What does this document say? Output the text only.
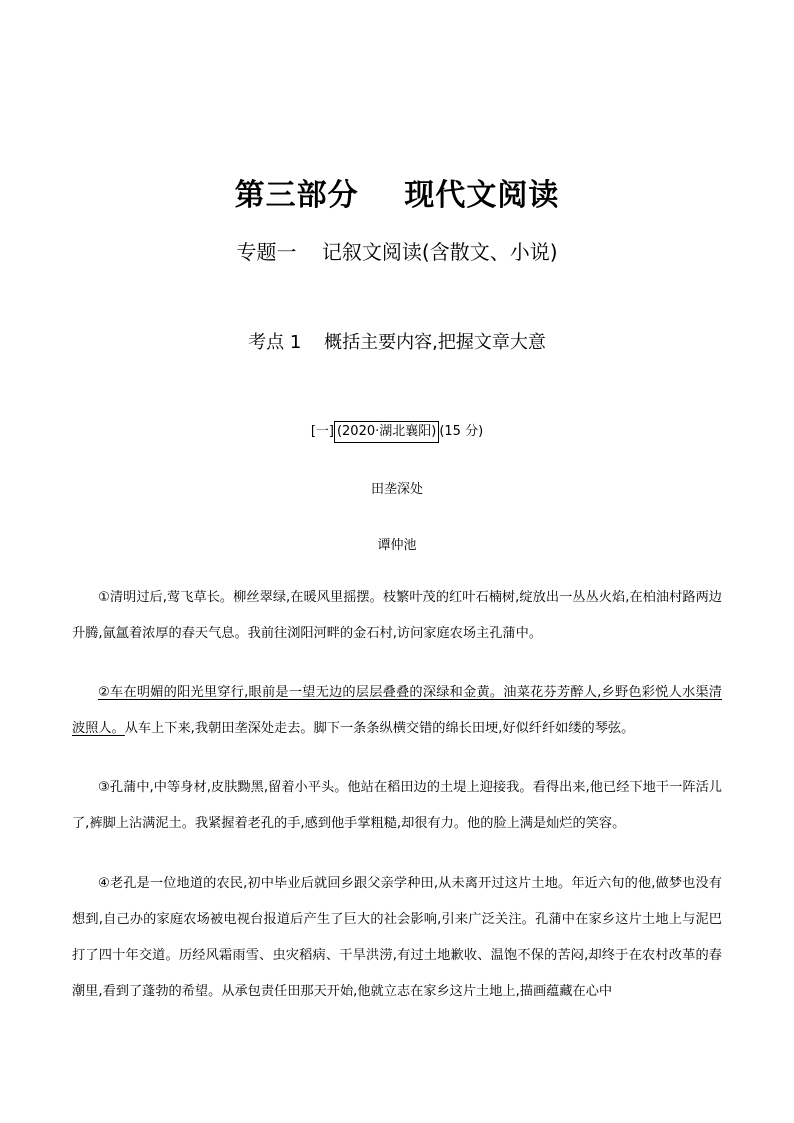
第三部分    现代文阅读
专题一    记叙文阅读(含散文、小说)
考点 1    概括主要内容,把握文章大意
[一] (2020·湖北襄阳) (15 分)
田垄深处
谭仲池

①清明过后,莺飞草长。柳丝翠绿,在暖风里摇摆。枝繁叶茂的红叶石楠树,绽放出一丛丛火焰,在柏油村路两边升腾,氤氲着浓厚的春天气息。我前往浏阳河畔的金石村,访问家庭农场主孔蒲中。

②车在明媚的阳光里穿行,眼前是一望无边的层层叠叠的深绿和金黄。油菜花芬芳醉人,乡野色彩悦人水渠清波照人。从车上下来,我朝田垄深处走去。脚下一条条纵横交错的绵长田埂,好似纤纤如缕的琴弦。

③孔蒲中,中等身材,皮肤黝黑,留着小平头。他站在稻田边的土堤上迎接我。看得出来,他已经下地干一阵活儿了,裤脚上沾满泥土。我紧握着老孔的手,感到他手掌粗糙,却很有力。他的脸上满是灿烂的笑容。

④老孔是一位地道的农民,初中毕业后就回乡跟父亲学种田,从未离开过这片土地。年近六旬的他,做梦也没有想到,自己办的家庭农场被电视台报道后产生了巨大的社会影响,引来广泛关注。孔蒲中在家乡这片土地上与泥巴打了四十年交道。历经风霜雨雪、虫灾稻病、干旱洪涝,有过土地歉收、温饱不保的苦闷,却终于在农村改革的春潮里,看到了蓬勃的希望。从承包责任田那天开始,他就立志在家乡这片土地上,描画蕴藏在心中
